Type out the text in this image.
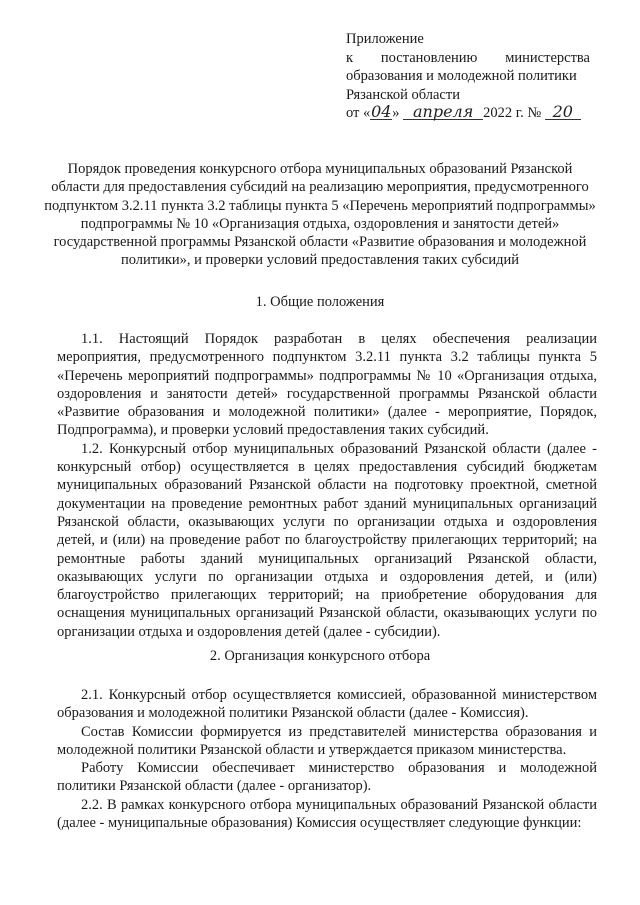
Приложение
к постановлению министерства
образования и молодежной политики
Рязанской области
от «04» апреля 2022 г. № 20
Порядок проведения конкурсного отбора муниципальных образований Рязанской области для предоставления субсидий на реализацию мероприятия, предусмотренного подпунктом 3.2.11 пункта 3.2 таблицы пункта 5 «Перечень мероприятий подпрограммы» подпрограммы № 10 «Организация отдыха, оздоровления и занятости детей» государственной программы Рязанской области «Развитие образования и молодежной политики», и проверки условий предоставления таких субсидий
1. Общие положения

1.1. Настоящий Порядок разработан в целях обеспечения реализации мероприятия, предусмотренного подпунктом 3.2.11 пункта 3.2 таблицы пункта 5 «Перечень мероприятий подпрограммы» подпрограммы № 10 «Организация отдыха, оздоровления и занятости детей» государственной программы Рязанской области «Развитие образования и молодежной политики» (далее - мероприятие, Порядок, Подпрограмма), и проверки условий предоставления таких субсидий.

1.2. Конкурсный отбор муниципальных образований Рязанской области (далее - конкурсный отбор) осуществляется в целях предоставления субсидий бюджетам муниципальных образований Рязанской области на подготовку проектной, сметной документации на проведение ремонтных работ зданий муниципальных организаций Рязанской области, оказывающих услуги по организации отдыха и оздоровления детей, и (или) на проведение работ по благоустройству прилегающих территорий; на ремонтные работы зданий муниципальных организаций Рязанской области, оказывающих услуги по организации отдыха и оздоровления детей, и (или) благоустройство прилегающих территорий; на приобретение оборудования для оснащения муниципальных организаций Рязанской области, оказывающих услуги по организации отдыха и оздоровления детей (далее - субсидии).

2. Организация конкурсного отбора

2.1. Конкурсный отбор осуществляется комиссией, образованной министерством образования и молодежной политики Рязанской области (далее - Комиссия).

Состав Комиссии формируется из представителей министерства образования и молодежной политики Рязанской области и утверждается приказом министерства.

Работу Комиссии обеспечивает министерство образования и молодежной политики Рязанской области (далее - организатор).

2.2. В рамках конкурсного отбора муниципальных образований Рязанской области (далее - муниципальные образования) Комиссия осуществляет следующие функции:
